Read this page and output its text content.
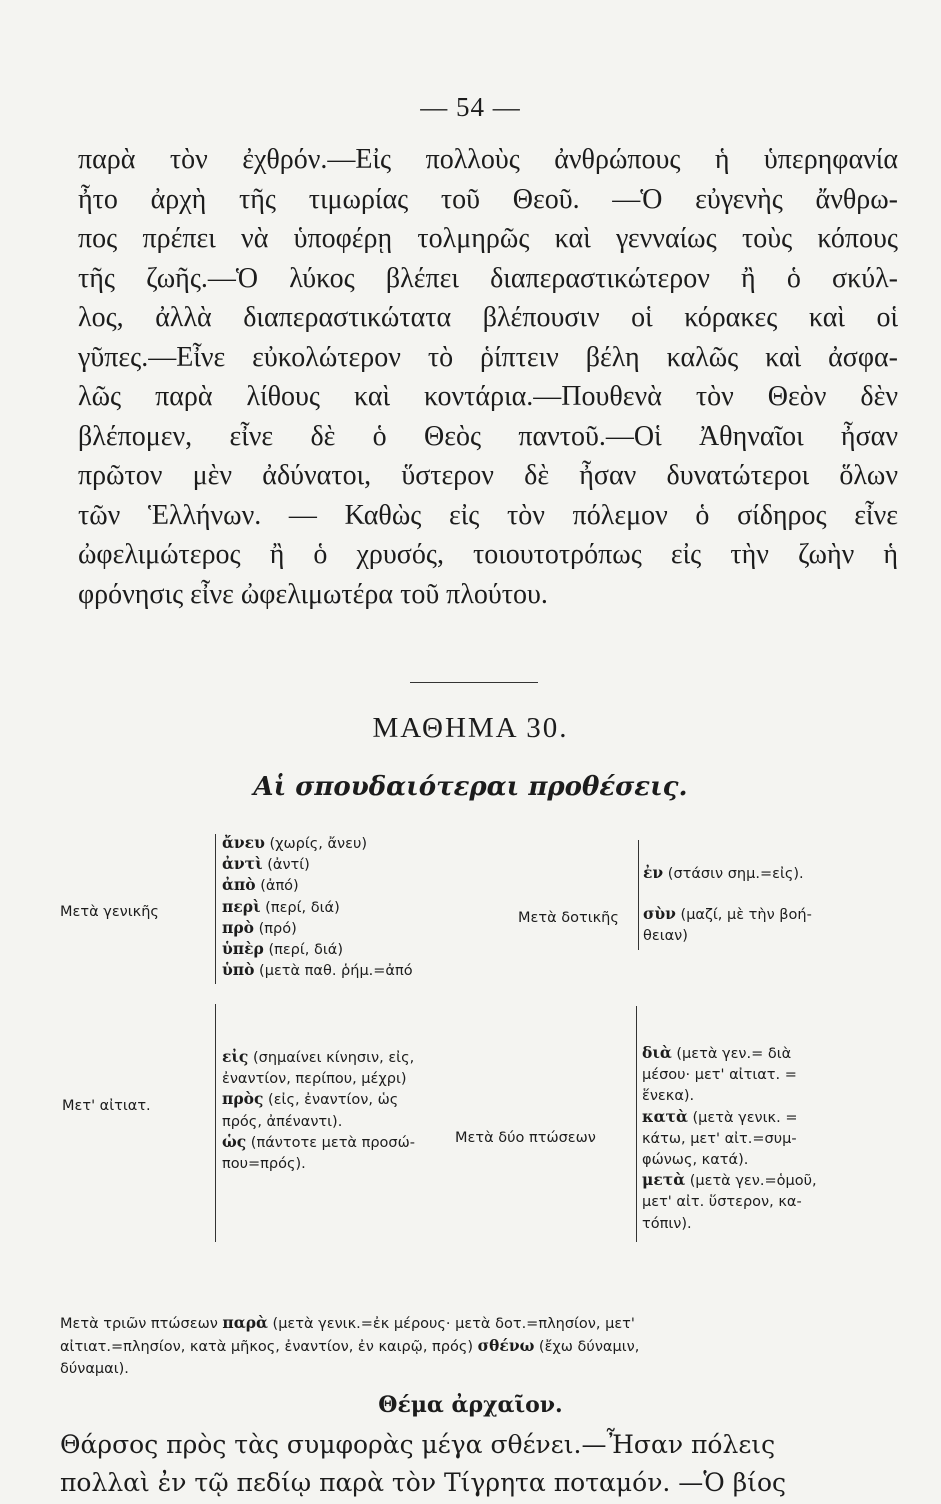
— 54 —
παρὰ τὸν ἐχθρόν.—Εἰς πολλοὺς ἀνθρώπους ἡ ὑπερηφανία
ἦτο ἀρχὴ τῆς τιμωρίας τοῦ Θεοῦ. —Ὁ εὐγενὴς ἄνθρω-
πος πρέπει νὰ ὑποφέρῃ τολμηρῶς καὶ γενναίως τοὺς κόπους
τῆς ζωῆς.—Ὁ λύκος βλέπει διαπεραστικώτερον ἢ ὁ σκύλ-
λος, ἀλλὰ διαπεραστικώτατα βλέπουσιν οἱ κόρακες καὶ οἱ
γῦπες.—Εἶνε εὐκολώτερον τὸ ῥίπτειν βέλη καλῶς καὶ ἀσφα-
λῶς παρὰ λίθους καὶ κοντάρια.—Πουθενὰ τὸν Θεὸν δὲν
βλέπομεν, εἶνε δὲ ὁ Θεὸς παντοῦ.—Οἱ Ἀθηναῖοι ἦσαν
πρῶτον μὲν ἀδύνατοι, ὕστερον δὲ ἦσαν δυνατώτεροι ὅλων
τῶν Ἑλλήνων. — Καθὼς εἰς τὸν πόλεμον ὁ σίδηρος εἶνε
ὠφελιμώτερος ἢ ὁ χρυσός, τοιουτοτρόπως εἰς τὴν ζωὴν ἡ
φρόνησις εἶνε ὠφελιμωτέρα τοῦ πλούτου.
ΜΑΘΗΜΑ 30.
Αἱ σπουδαιότεραι προθέσεις.
Μετὰ γενικῆς
ἄνευ (χωρίς, ἄνευ)
ἀντὶ (ἀντί)
ἀπὸ (ἀπό)
περὶ (περί, διά)
πρὸ (πρό)
ὑπὲρ (περί, διά)
ὑπὸ (μετὰ παθ. ῥήμ.=ἀπό
Μετὰ δοτικῆς
ἐν (στάσιν σημ.=εἰς).
σὺν (μαζί, μὲ τὴν βοή-
θειαν)
Μετ' αἰτιατ.
εἰς (σημαίνει κίνησιν, εἰς,
ἐναντίον, περίπου, μέχρι)
πρὸς (εἰς, ἐναντίον, ὡς
πρός, ἀπέναντι).
ὡς (πάντοτε μετὰ προσώ-
που=πρός).
Μετὰ δύο πτώσεων
διὰ (μετὰ γεν.= διὰ
μέσου· μετ' αἰτιατ. =
ἕνεκα).
κατὰ (μετὰ γενικ. =
κάτω, μετ' αἰτ.=συμ-
φώνως, κατά).
μετὰ (μετὰ γεν.=ὁμοῦ,
μετ' αἰτ. ὕστερον, κα-
τόπιν).
Μετὰ τριῶν πτώσεων παρὰ (μετὰ γενικ.=ἐκ μέρους· μετὰ δοτ.=πλησίον, μετ'
αἰτιατ.=πλησίον, κατὰ μῆκος, ἐναντίον, ἐν καιρῷ, πρός) σθένω (ἔχω δύναμιν,
δύναμαι).
Θέμα ἀρχαῖον.
Θάρσος πρὸς τὰς συμφορὰς μέγα σθένει.—Ἦσαν πόλεις
πολλαὶ ἐν τῷ πεδίῳ παρὰ τὸν Τίγρητα ποταμόν. —Ὁ βίος
